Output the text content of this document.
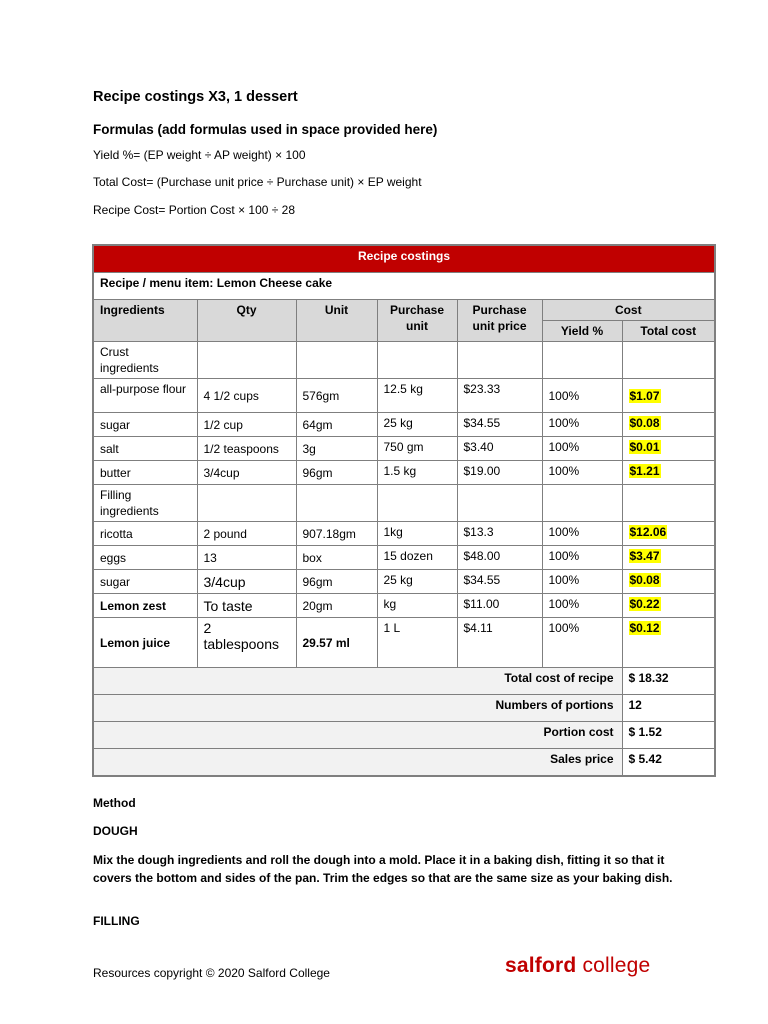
Recipe costings X3, 1 dessert
Formulas (add formulas used in space provided here)
Yield %= (EP weight ÷ AP weight) × 100
Total Cost= (Purchase unit price ÷ Purchase unit) × EP weight
Recipe Cost= Portion Cost × 100 ÷ 28
Recipe costings						
Recipe / menu item: Lemon Cheese cake						
Ingredients	Qty	Unit	Purchase unit	Purchase unit price	Cost	
					Yield %	Total cost
Crust ingredients						
all-purpose flour	4 1/2 cups	576gm	12.5 kg	$23.33	100%	$1.07
sugar	1/2 cup	64gm	25 kg	$34.55	100%	$0.08
salt	1/2 teaspoons	3g	750 gm	$3.40	100%	$0.01
butter	3/4cup	96gm	1.5 kg	$19.00	100%	$1.21
Filling ingredients						
ricotta	2 pound	907.18gm	1kg	$13.3	100%	$12.06
eggs	13	box	15 dozen	$48.00	100%	$3.47
sugar	3/4cup	96gm	25 kg	$34.55	100%	$0.08
Lemon zest	To taste	20gm	kg	$11.00	100%	$0.22
Lemon juice	2 tablespoons	29.57 ml	1 L	$4.11	100%	$0.12
Total cost of recipe						$ 18.32
Numbers of portions						12
Portion cost						$ 1.52
Sales price						$ 5.42
Method
DOUGH
Mix the dough ingredients and roll the dough into a mold. Place it in a baking dish, fitting it so that it covers the bottom and sides of the pan. Trim the edges so that are the same size as your baking dish.
FILLING
Resources copyright © 2020 Salford College	salford college
